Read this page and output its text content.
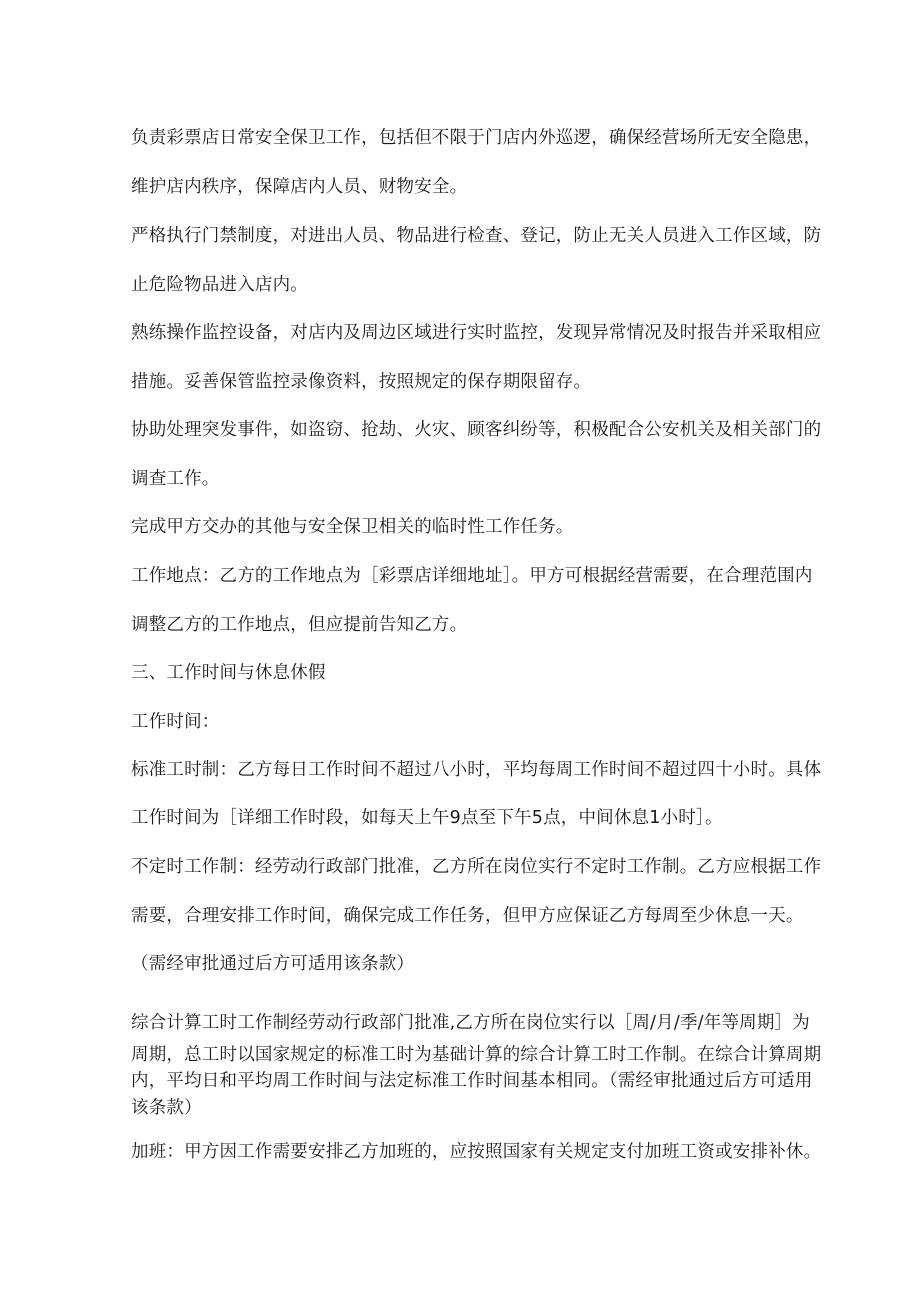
负责彩票店日常安全保卫工作，包括但不限于门店内外巡逻，确保经营场所无安全隐患，
维护店内秩序，保障店内人员、财物安全。
严格执行门禁制度，对进出人员、物品进行检查、登记，防止无关人员进入工作区域，防
止危险物品进入店内。
熟练操作监控设备，对店内及周边区域进行实时监控，发现异常情况及时报告并采取相应
措施。妥善保管监控录像资料，按照规定的保存期限留存。
协助处理突发事件，如盗窃、抢劫、火灾、顾客纠纷等，积极配合公安机关及相关部门的
调查工作。
完成甲方交办的其他与安全保卫相关的临时性工作任务。
工作地点：乙方的工作地点为［彩票店详细地址］。甲方可根据经营需要，在合理范围内
调整乙方的工作地点，但应提前告知乙方。
三、工作时间与休息休假
工作时间：
标准工时制：乙方每日工作时间不超过八小时，平均每周工作时间不超过四十小时。具体
工作时间为［详细工作时段，如每天上午9点至下午5点，中间休息1小时］。
不定时工作制：经劳动行政部门批准，乙方所在岗位实行不定时工作制。乙方应根据工作
需要，合理安排工作时间，确保完成工作任务，但甲方应保证乙方每周至少休息一天。
（需经审批通过后方可适用该条款）
综合计算工时工作制经劳动行政部门批准,乙方所在岗位实行以［周/月/季/年等周期］为
周期，总工时以国家规定的标准工时为基础计算的综合计算工时工作制。在综合计算周期
内，平均日和平均周工作时间与法定标准工作时间基本相同。（需经审批通过后方可适用
该条款）
加班：甲方因工作需要安排乙方加班的，应按照国家有关规定支付加班工资或安排补休。
